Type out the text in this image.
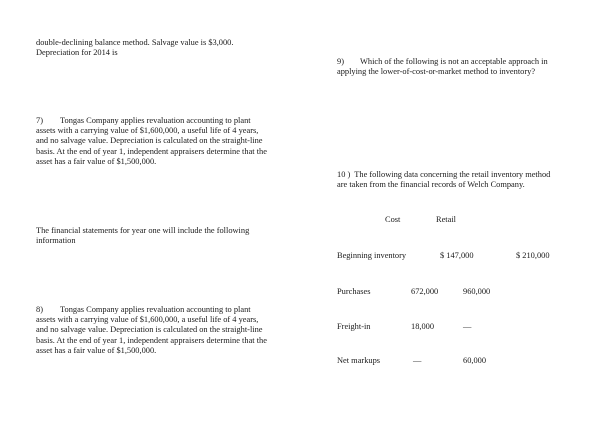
double-declining balance method. Salvage value is $3,000. Depreciation for 2014 is

7) Tongas Company applies revaluation accounting to plant assets with a carrying value of $1,600,000, a useful life of 4 years, and no salvage value. Depreciation is calculated on the straight-line basis. At the end of year 1, independent appraisers determine that the asset has a fair value of $1,500,000.

The financial statements for year one will include the following information

8) Tongas Company applies revaluation accounting to plant assets with a carrying value of $1,600,000, a useful life of 4 years, and no salvage value. Depreciation is calculated on the straight-line basis. At the end of year 1, independent appraisers determine that the asset has a fair value of $1,500,000.

9) Which of the following is not an acceptable approach in applying the lower-of-cost-or-market method to inventory?

10 ) The following data concerning the retail inventory method are taken from the financial records of Welch Company.

Cost	Retail
Beginning inventory	$ 147,000	$ 210,000
Purchases	672,000	960,000
Freight-in	18,000	—
Net markups	—	60,000
